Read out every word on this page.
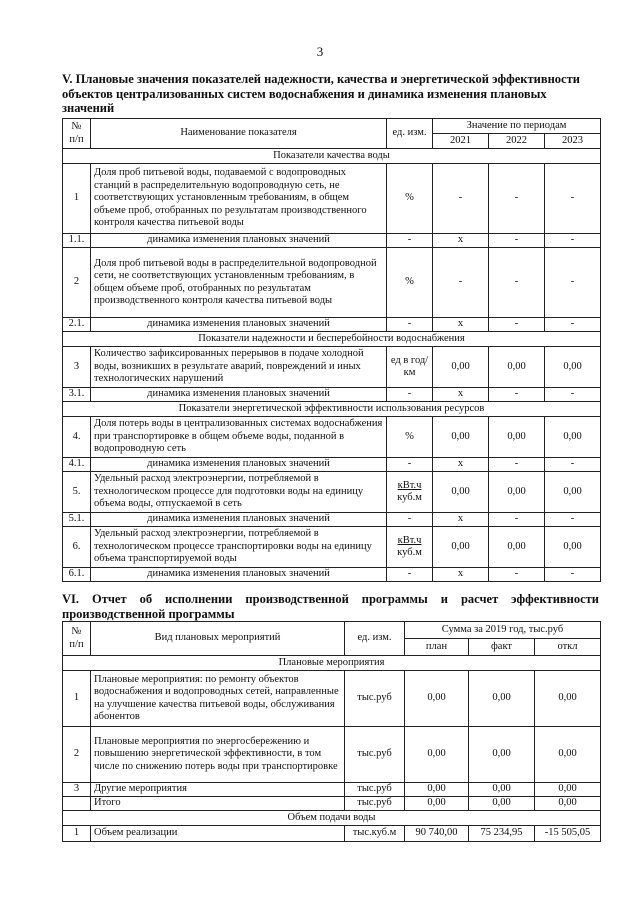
3
V. Плановые значения показателей надежности, качества и энергетической эффективности объектов централизованных систем водоснабжения и динамика изменения плановых значений
№ п/п	Наименование показателя	ед. изм.	Значение по периодам		
			2021	2022	2023
Показатели качества воды					
1	Доля проб питьевой воды, подаваемой с водопроводных станций в распределительную водопроводную сеть, не соответствующих установленным требованиям, в общем объеме проб, отобранных по результатам производственного контроля качества питьевой воды	%	-	-	-
1.1.	динамика изменения плановых значений	-	х	-	-
2	Доля проб питьевой воды в распределительной водопроводной сети, не соответствующих установленным требованиям, в общем объеме проб, отобранных по результатам производственного контроля качества питьевой воды	%	-	-	-
2.1.	динамика изменения плановых значений	-	х	-	-
Показатели надежности и бесперебойности водоснабжения					
3	Количество зафиксированных перерывов в подаче холодной воды, возникших в результате аварий, повреждений и иных технологических нарушений	ед в год/ км	0,00	0,00	0,00
3.1.	динамика изменения плановых значений	-	х	-	-
Показатели энергетической эффективности использования ресурсов					
4.	Доля потерь воды в централизованных системах водоснабжения при транспортировке в общем объеме воды, поданной в водопроводную сеть	%	0,00	0,00	0,00
4.1.	динамика изменения плановых значений	-	х	-	-
5.	Удельный расход электроэнергии, потребляемой в технологическом процессе для подготовки воды на единицу объема воды, отпускаемой в сеть	кВт.ч
куб.м	0,00	0,00	0,00
5.1.	динамика изменения плановых значений	-	х	-	-
6.	Удельный расход электроэнергии, потребляемой в технологическом процессе транспортировки воды на единицу объема транспортируемой воды	кВт.ч
куб.м	0,00	0,00	0,00
6.1.	динамика изменения плановых значений	-	х	-	-
VI. Отчет об исполнении производственной программы и расчет эффективности производственной программы
№ п/п	Вид плановых мероприятий	ед. изм.	Сумма за 2019 год, тыс.руб		
			план	факт	откл
Плановые мероприятия					
1	Плановые мероприятия: по ремонту объектов водоснабжения и водопроводных сетей, направленные на улучшение качества питьевой воды, обслуживания абонентов	тыс.руб	0,00	0,00	0,00
2	Плановые мероприятия по энергосбережению и повышению энергетической эффективности, в том числе по снижению потерь воды при транспортировке	тыс.руб	0,00	0,00	0,00
3	Другие мероприятия	тыс.руб	0,00	0,00	0,00
	Итого	тыс.руб	0,00	0,00	0,00
Объем подачи воды					
1	Объем реализации	тыс.куб.м	90 740,00	75 234,95	-15 505,05
